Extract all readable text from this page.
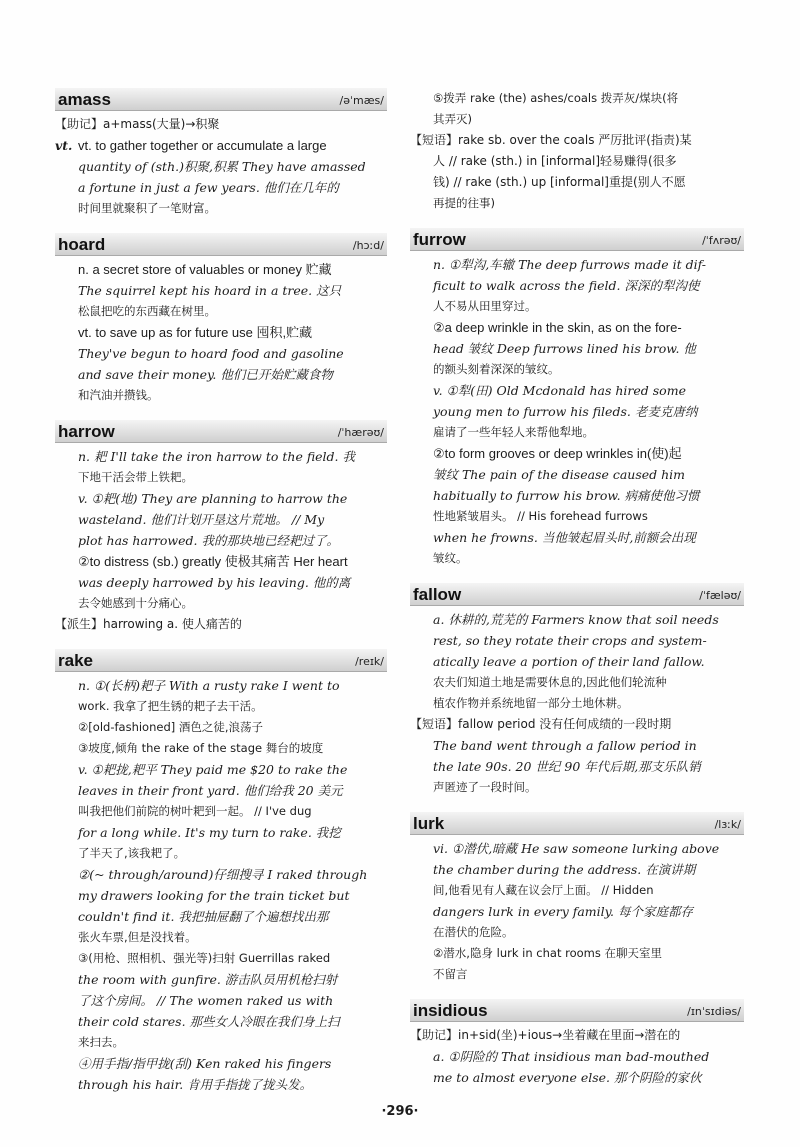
amass	/əˈmæs/
【助记】a+mass(大量)→积聚
vt. vt. to gather together or accumulate a large
quantity of (sth.)积聚,积累 They have amassed
a fortune in just a few years. 他们在几年的
时间里就聚积了一笔财富。
hoard	/hɔːd/
n. a secret store of valuables or money 贮藏
The squirrel kept his hoard in a tree. 这只
松鼠把吃的东西藏在树里。
vt. to save up as for future use 囤积,贮藏
They've begun to hoard food and gasoline
and save their money. 他们已开始贮藏食物
和汽油并攒钱。
harrow	/ˈhærəʊ/
n. 耙 I'll take the iron harrow to the field. 我
下地干活会带上铁耙。
v. ①耙(地) They are planning to harrow the
wasteland. 他们计划开垦这片荒地。 // My
plot has harrowed. 我的那块地已经耙过了。
②to distress (sb.) greatly 使极其痛苦 Her heart
was deeply harrowed by his leaving. 他的离
去令她感到十分痛心。
【派生】harrowing a. 使人痛苦的
rake	/reɪk/
n. ①(长柄)耙子 With a rusty rake I went to
work. 我拿了把生锈的耙子去干活。
②[old-fashioned] 酒色之徒,浪荡子
③坡度,倾角 the rake of the stage 舞台的坡度
v. ①耙拢,耙平 They paid me $20 to rake the
leaves in their front yard. 他们给我 20 美元
叫我把他们前院的树叶耙到一起。 // I've dug
for a long while. It's my turn to rake. 我挖
了半天了,该我耙了。
②(~ through/around)仔细搜寻 I raked through
my drawers looking for the train ticket but
couldn't find it. 我把抽屉翻了个遍想找出那
张火车票,但是没找着。
③(用枪、照相机、强光等)扫射 Guerrillas raked
the room with gunfire. 游击队员用机枪扫射
了这个房间。 // The women raked us with
their cold stares. 那些女人冷眼在我们身上扫
来扫去。
④用手指/指甲拢(刮) Ken raked his fingers
through his hair. 肯用手指拢了拢头发。
⑤拨弄 rake (the) ashes/coals 拨弄灰/煤块(将
其弄灭)
【短语】rake sb. over the coals 严厉批评(指责)某
人 // rake (sth.) in [informal]轻易赚得(很多
钱) // rake (sth.) up [informal]重提(别人不愿
再提的往事)
furrow	/ˈfʌrəʊ/
n. ①犁沟,车辙 The deep furrows made it dif-
ficult to walk across the field. 深深的犁沟使
人不易从田里穿过。
②a deep wrinkle in the skin, as on the fore-
head 皱纹 Deep furrows lined his brow. 他
的额头刻着深深的皱纹。
v. ①犁(田) Old Mcdonald has hired some
young men to furrow his fileds. 老麦克唐纳
雇请了一些年轻人来帮他犁地。
②to form grooves or deep wrinkles in(使)起
皱纹 The pain of the disease caused him
habitually to furrow his brow. 病痛使他习惯
性地紧皱眉头。 // His forehead furrows
when he frowns. 当他皱起眉头时,前额会出现
皱纹。
fallow	/ˈfæləʊ/
a. 休耕的,荒芜的 Farmers know that soil needs
rest, so they rotate their crops and system-
atically leave a portion of their land fallow.
农夫们知道土地是需要休息的,因此他们轮流种
植农作物并系统地留一部分土地休耕。
【短语】fallow period 没有任何成绩的一段时期
The band went through a fallow period in
the late 90s. 20 世纪 90 年代后期,那支乐队销
声匿迹了一段时间。
lurk	/lɜːk/
vi. ①潜伏,暗藏 He saw someone lurking above
the chamber during the address. 在演讲期
间,他看见有人藏在议会厅上面。 // Hidden
dangers lurk in every family. 每个家庭都存
在潜伏的危险。
②潜水,隐身 lurk in chat rooms 在聊天室里
不留言
insidious	/ɪnˈsɪdiəs/
【助记】in+sid(坐)+ious→坐着藏在里面→潜在的
a. ①阴险的 That insidious man bad-mouthed
me to almost everyone else. 那个阴险的家伙
·296·
